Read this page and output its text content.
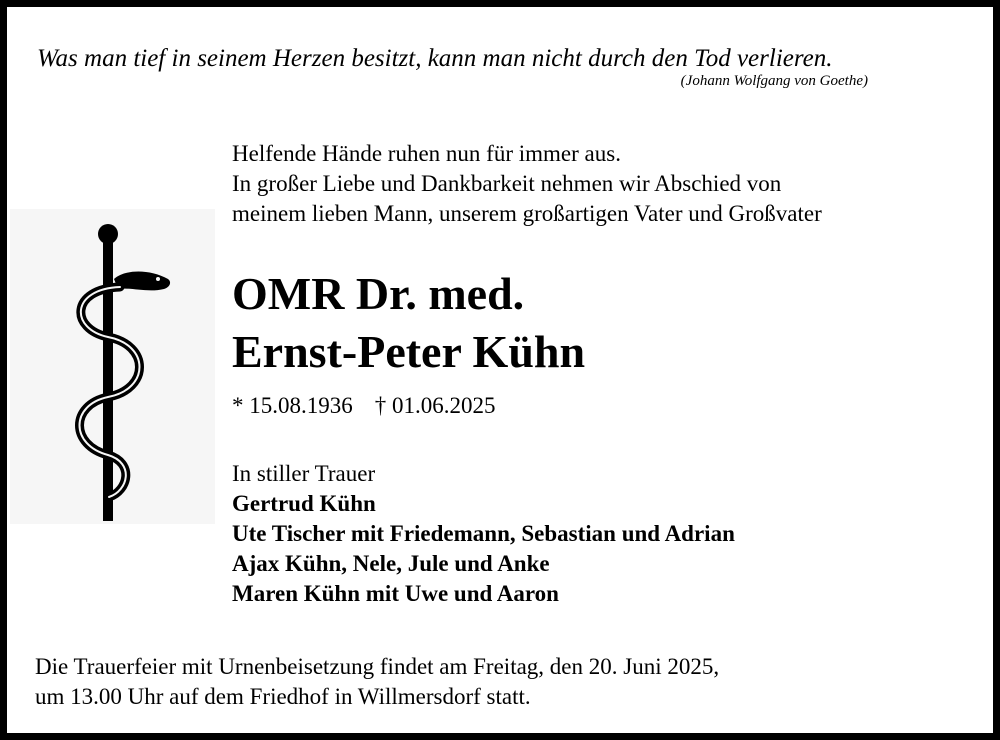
Was man tief in seinem Herzen besitzt, kann man nicht durch den Tod verlieren.
(Johann Wolfgang von Goethe)
Helfende Hände ruhen nun für immer aus.
In großer Liebe und Dankbarkeit nehmen wir Abschied von
meinem lieben Mann, unserem großartigen Vater und Großvater
OMR Dr. med.
Ernst-Peter Kühn
* 15.08.1936 † 01.06.2025
In stiller Trauer
Gertrud Kühn
Ute Tischer mit Friedemann, Sebastian und Adrian
Ajax Kühn, Nele, Jule und Anke
Maren Kühn mit Uwe und Aaron
Die Trauerfeier mit Urnenbeisetzung findet am Freitag, den 20. Juni 2025,
um 13.00 Uhr auf dem Friedhof in Willmersdorf statt.
